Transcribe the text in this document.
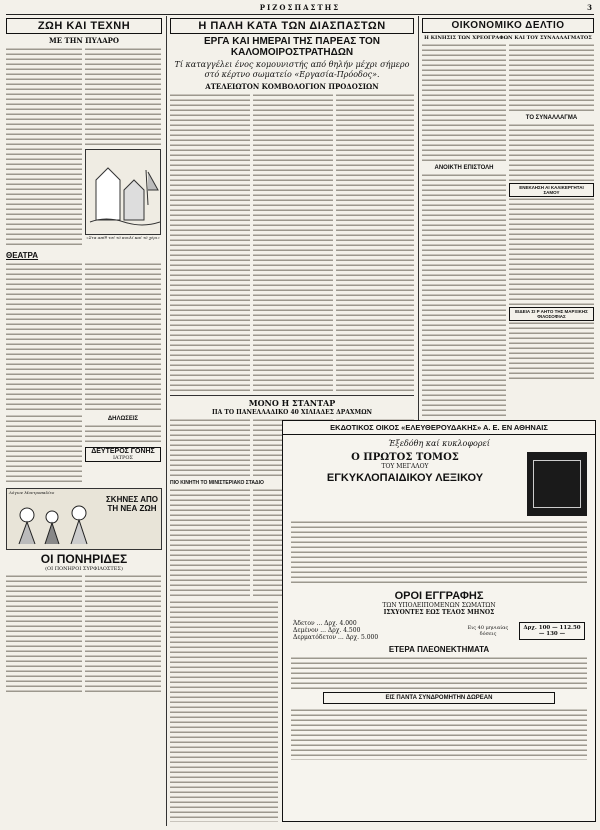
ΡΙΖΟΣΠΑΣΤΗΣ	3
ΖΩΗ ΚΑΙ ΤΕΧΝΗ
ΜΕ ΤΗΝ ΠΥΛΑΡΟ

«Στα απίθ τσί τό πουλί καί τό χέρι»
ΘΕΑΤΡΑ
ΔΗΛΩΣΕΙΣ
ΔΕΥΤΕΡΟΣ ΓΟΝΗΣ
ΙΑΤΡΟΣ
Λόγιον Μοντροπαλίεο
ΣΚΗΝΕΣ ΑΠΟ ΤΗ ΝΕΑ ΖΩΗ
ΟΙ ΠΟΝΗΡΙΔΕΣ
(ΟΙ ΠΟΝΗΡΟΙ ΣΥΡΦΙΛΟΣΤΕΣ)
Η ΠΑΛΗ ΚΑΤΑ ΤΩΝ ΔΙΑΣΠΑΣΤΩΝ
ΕΡΓΑ ΚΑΙ ΗΜΕΡΑΙ ΤΗΣ ΠΑΡΕΑΣ ΤΟΝ ΚΑΛΟΜΟΙΡΟΣΤΡΑΤΗΔΩΝ
Τί καταγγέλει ένος κομουνιστής από θηλήν μέχρι σήμερο στό κέρτνο σωματείο «Εργασία-Πρόοδος».
ΑΤΕΛΕΙΩΤΟΝ ΚΟΜΒΟΛΟΓΙΟΝ ΠΡΟΔΟΣΙΩΝ
ΜΟΝΟ Η ΣΤΑΝΤΑΡ
ΠΑ ΤΟ ΠΑΝΕΛΛΑΔΙΚΟ 40 ΧΙΛΙΑΔΕΣ ΔΡΑΧΜΩΝ
ΠΙΟ ΚΙΝΗΤΗ ΤΟ ΜΙΝΙΣΤΕΡΙΑΚΟ ΣΤΑΔΙΟ
ΟΙΚΟΝΟΜΙΚΟ ΔΕΛΤΙΟ
Η ΚΙΝΗΣΙΣ ΤΩΝ ΧΡΕΟΓΡΑΦΩΝ ΚΑΙ ΤΟΥ ΣΥΝΑΛΛΑΓΜΑΤΟΣ
ΑΝΟΙΚΤΗ ΕΠΙΣΤΟΛΗ
ΤΟ ΣΥΝΑΛΛΑΓΜΑ
ΕΝΕΚΛΗΣΗ ΑΙ ΚΑΛΙΚΕΡΓΗΤΑΙ ΣΑΜΟΥ
ΕΙΔΕΙΑ ΣΙ Ρ ΑΗΤΟ ΤΗΣ ΜΑΡΞΙΚΗΣ ΦΙΛΟΣΟΦΙΑΣ
ΕΚΔΟΤΙΚΟΣ ΟΙΚΟΣ «ΕΛΕΥΘΕΡΟΥΔΑΚΗΣ» Α. Ε. ΕΝ ΑΘΗΝΑΙΣ
Έξεδόθη καί κυκλοφορεί
Ο ΠΡΩΤΟΣ ΤΟΜΟΣ
ΤΟΥ ΜΕΓΑΛΟΥ
ΕΓΚΥΚΛΟΠΑΙΔΙΚΟΥ ΛΕΞΙΚΟΥ
ΟΡΟΙ ΕΓΓΡΑΦΗΣ
ΤΩΝ ΥΠΟΛΕΙΠΟΜΕΝΩΝ ΣΩΜΑΤΩΝ
ΙΣΧΥΟΝΤΕΣ ΕΩΣ ΤΕΛΟΣ ΜΗΝΟΣ
Άδετον ... Δρχ. 4.000
Δεμένον ... Δρχ. 4.500
Δερματόδετον ... Δρχ. 5.000
Εις 40 μηνιαίας δόσεις
Δρχ. 100 — 112.50 — 130 —
ΕΤΕΡΑ ΠΛΕΟΝΕΚΤΗΜΑΤΑ
ΕΙΣ ΠΑΝΤΑ ΣΥΝΔΡΟΜΗΤΗΝ ΔΩΡΕΑΝ
